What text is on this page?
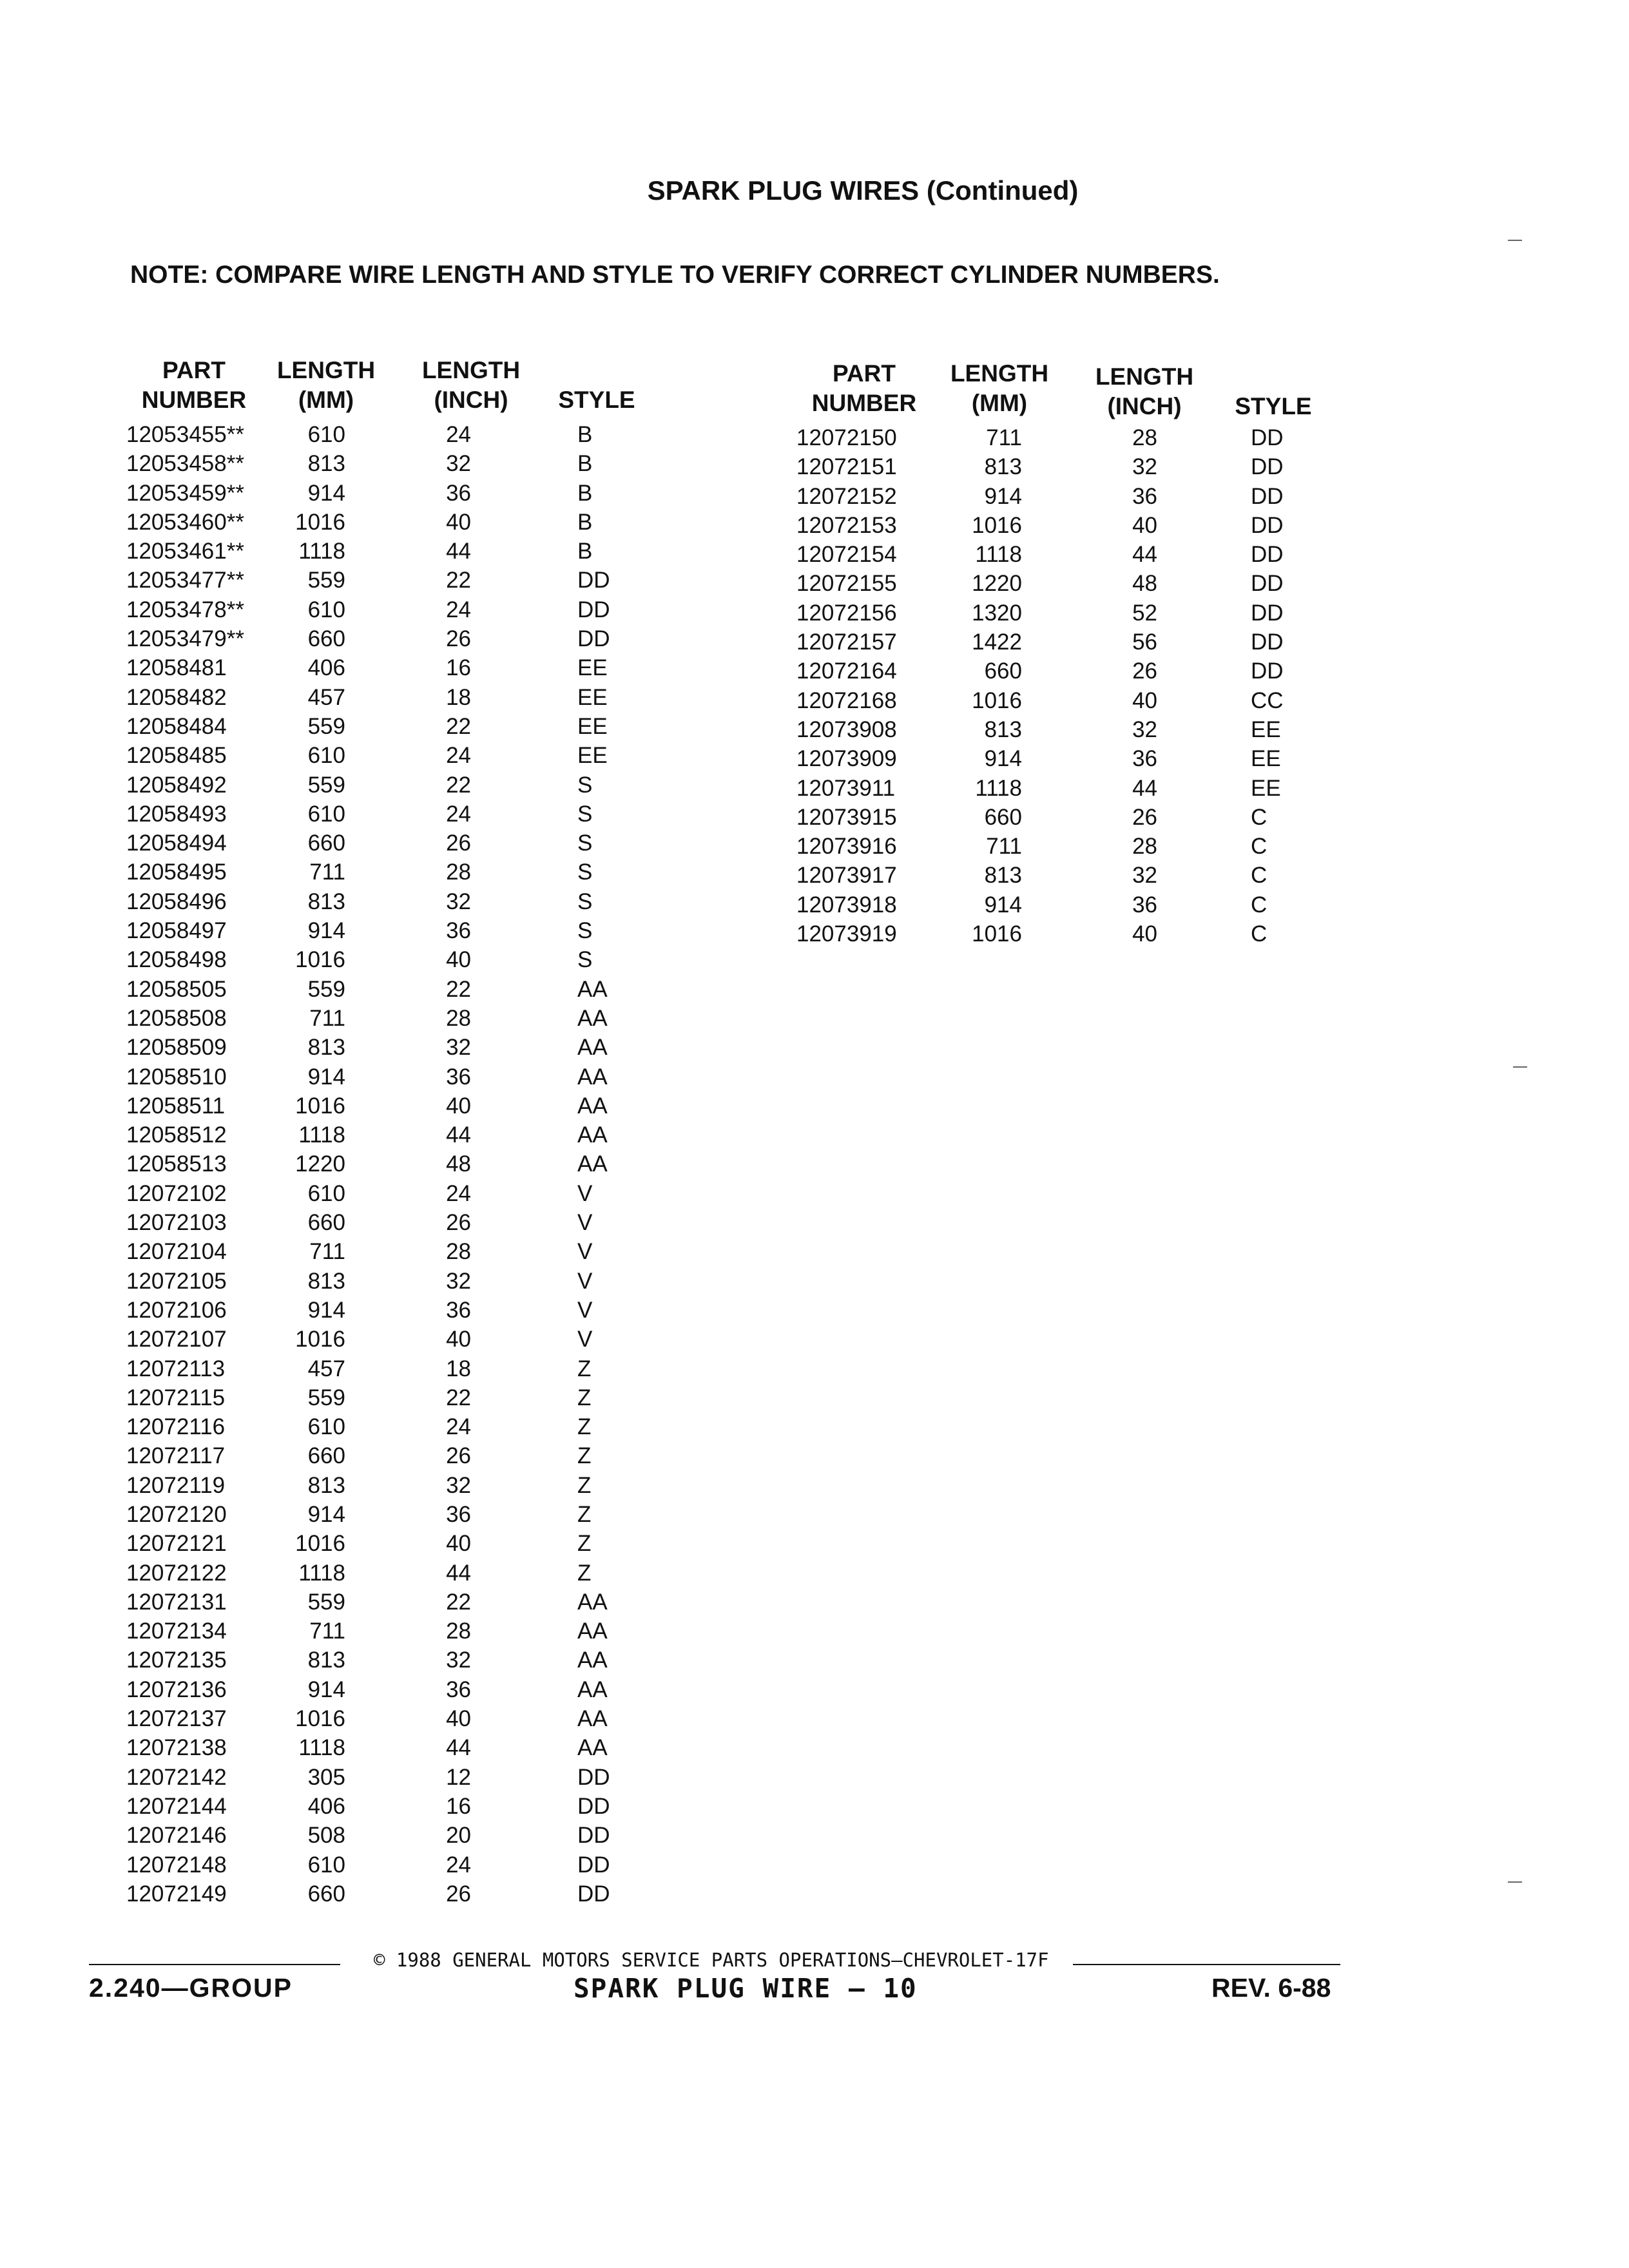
SPARK PLUG WIRES (Continued)
NOTE: COMPARE WIRE LENGTH AND STYLE TO VERIFY CORRECT CYLINDER NUMBERS.
PART
NUMBER
LENGTH
(MM)
LENGTH
(INCH)	STYLE
12053455**	610	24	B
12053458**	813	32	B
12053459**	914	36	B
12053460**	1016	40	B
12053461**	1118	44	B
12053477**	559	22	DD
12053478**	610	24	DD
12053479**	660	26	DD
12058481	406	16	EE
12058482	457	18	EE
12058484	559	22	EE
12058485	610	24	EE
12058492	559	22	S
12058493	610	24	S
12058494	660	26	S
12058495	711	28	S
12058496	813	32	S
12058497	914	36	S
12058498	1016	40	S
12058505	559	22	AA
12058508	711	28	AA
12058509	813	32	AA
12058510	914	36	AA
12058511	1016	40	AA
12058512	1118	44	AA
12058513	1220	48	AA
12072102	610	24	V
12072103	660	26	V
12072104	711	28	V
12072105	813	32	V
12072106	914	36	V
12072107	1016	40	V
12072113	457	18	Z
12072115	559	22	Z
12072116	610	24	Z
12072117	660	26	Z
12072119	813	32	Z
12072120	914	36	Z
12072121	1016	40	Z
12072122	1118	44	Z
12072131	559	22	AA
12072134	711	28	AA
12072135	813	32	AA
12072136	914	36	AA
12072137	1016	40	AA
12072138	1118	44	AA
12072142	305	12	DD
12072144	406	16	DD
12072146	508	20	DD
12072148	610	24	DD
12072149	660	26	DD
PART
NUMBER
LENGTH
(MM)
LENGTH
(INCH)	STYLE
12072150	711	28	DD
12072151	813	32	DD
12072152	914	36	DD
12072153	1016	40	DD
12072154	1118	44	DD
12072155	1220	48	DD
12072156	1320	52	DD
12072157	1422	56	DD
12072164	660	26	DD
12072168	1016	40	CC
12073908	813	32	EE
12073909	914	36	EE
12073911	1118	44	EE
12073915	660	26	C
12073916	711	28	C
12073917	813	32	C
12073918	914	36	C
12073919	1016	40	C
© 1988 GENERAL MOTORS SERVICE PARTS OPERATIONS—CHEVROLET-17F
2.240—GROUP	SPARK PLUG WIRE — 10	REV. 6-88
